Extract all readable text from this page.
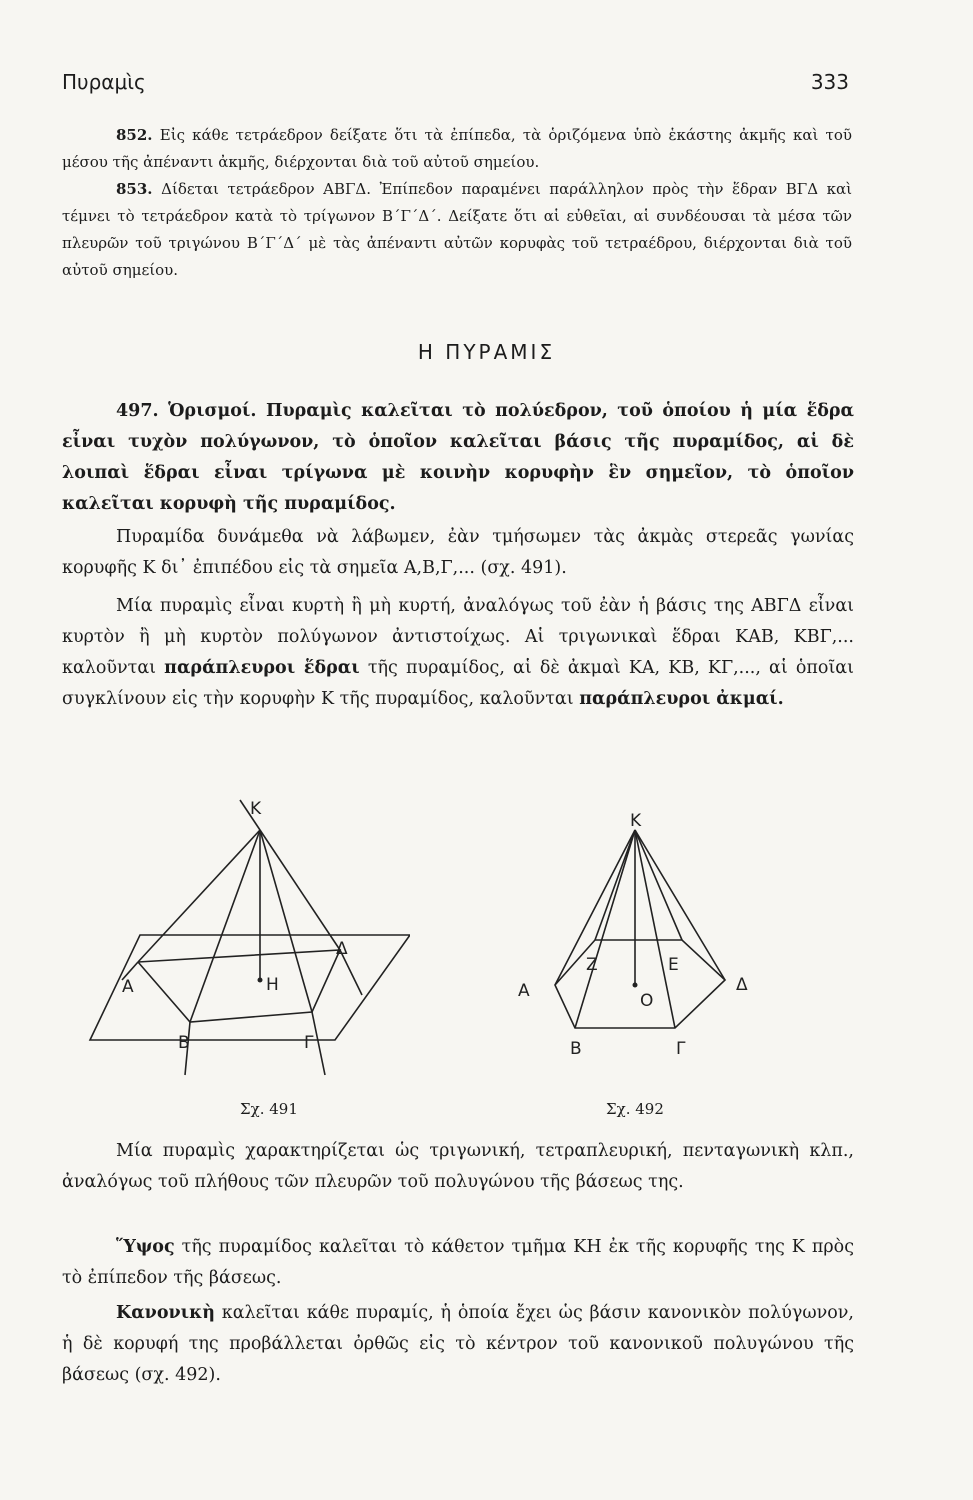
Πυραμὶς	333
852. Εἰς κάθε τετράεδρον δείξατε ὅτι τὰ ἐπίπεδα, τὰ ὁριζόμενα ὑπὸ ἑκάστης ἀκμῆς καὶ τοῦ μέσου τῆς ἀπέναντι ἀκμῆς, διέρχονται διὰ τοῦ αὐτοῦ σημείου.
853. Δίδεται τετράεδρον ΑΒΓΔ. Ἐπίπεδον παραμένει παράλληλον πρὸς τὴν ἕδραν ΒΓΔ καὶ τέμνει τὸ τετράεδρον κατὰ τὸ τρίγωνον Β΄Γ΄Δ΄. Δείξατε ὅτι αἱ εὐθεῖαι, αἱ συνδέουσαι τὰ μέσα τῶν πλευρῶν τοῦ τριγώνου Β΄Γ΄Δ΄ μὲ τὰς ἀπέναντι αὐτῶν κορυφὰς τοῦ τετραέδρου, διέρχονται διὰ τοῦ αὐτοῦ σημείου.
Η ΠΥΡΑΜΙΣ
497. Ὁρισμοί. Πυραμὶς καλεῖται τὸ πολύεδρον, τοῦ ὁποίου ἡ μία ἕδρα εἶναι τυχὸν πολύγωνον, τὸ ὁποῖον καλεῖται βάσις τῆς πυραμίδος, αἱ δὲ λοιπαὶ ἕδραι εἶναι τρίγωνα μὲ κοινὴν κορυφὴν ἓν σημεῖον, τὸ ὁποῖον καλεῖται κορυφὴ τῆς πυραμίδος.
Πυραμίδα δυνάμεθα νὰ λάβωμεν, ἐὰν τμήσωμεν τὰς ἀκμὰς στερεᾶς γωνίας κορυφῆς Κ δι᾿ ἐπιπέδου εἰς τὰ σημεῖα Α,Β,Γ,... (σχ. 491).
Μία πυραμὶς εἶναι κυρτὴ ἢ μὴ κυρτή, ἀναλόγως τοῦ ἐὰν ἡ βάσις της ΑΒΓΔ εἶναι κυρτὸν ἢ μὴ κυρτὸν πολύγωνον ἀντιστοίχως. Αἱ τριγωνικαὶ ἕδραι ΚΑΒ, ΚΒΓ,... καλοῦνται παράπλευροι ἕδραι τῆς πυραμίδος, αἱ δὲ ἀκμαὶ ΚΑ, ΚΒ, ΚΓ,..., αἱ ὁποῖαι συγκλίνουν εἰς τὴν κορυφὴν Κ τῆς πυραμίδος, καλοῦνται παράπλευροι ἀκμαί.
Κ
Α
Β	Γ
Δ
Η
Σχ. 491
Κ
Α
Β	Γ
Δ
Ζ	Ε
Ο
Σχ. 492
Μία πυραμὶς χαρακτηρίζεται ὡς τριγωνική, τετραπλευρική, πενταγωνικὴ κλπ., ἀναλόγως τοῦ πλήθους τῶν πλευρῶν τοῦ πολυγώνου τῆς βάσεως της.
Ὕψος τῆς πυραμίδος καλεῖται τὸ κάθετον τμῆμα ΚΗ ἐκ τῆς κορυφῆς της Κ πρὸς τὸ ἐπίπεδον τῆς βάσεως.
Κανονικὴ καλεῖται κάθε πυραμίς, ἡ ὁποία ἔχει ὡς βάσιν κανονικὸν πολύγωνον, ἡ δὲ κορυφή της προβάλλεται ὀρθῶς εἰς τὸ κέντρον τοῦ κανονικοῦ πολυγώνου τῆς βάσεως (σχ. 492).
